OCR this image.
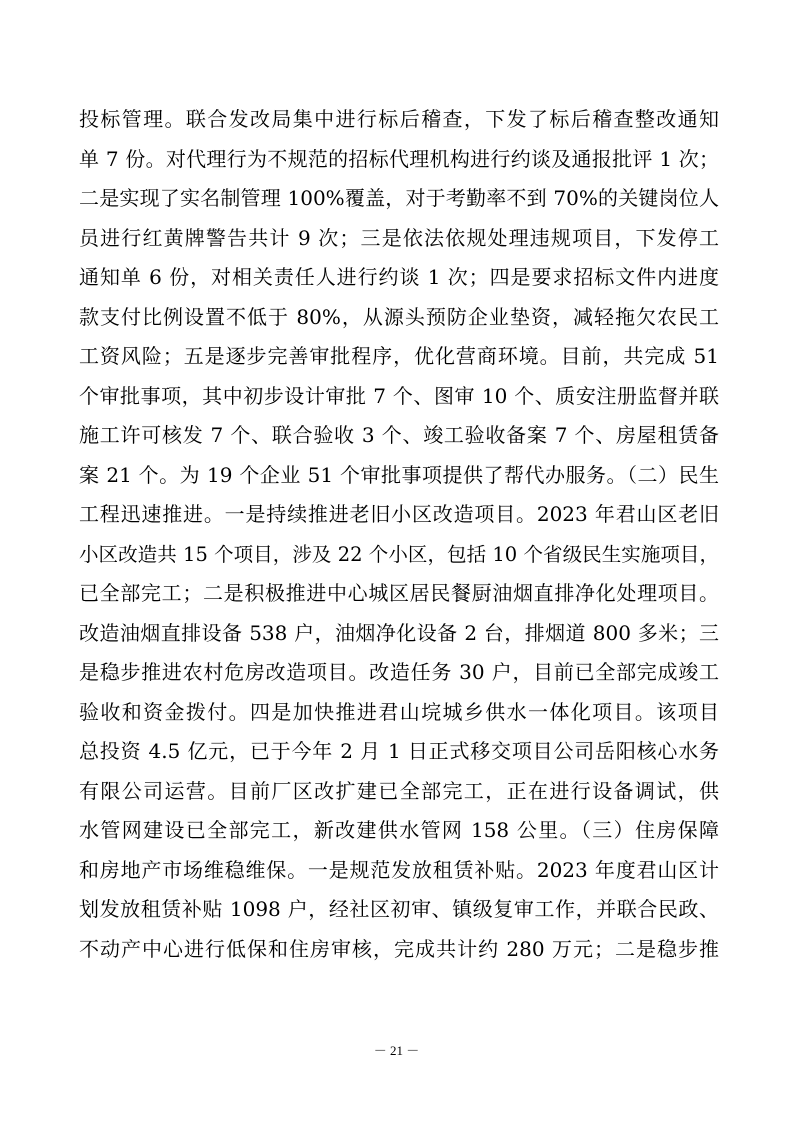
投标管理。联合发改局集中进行标后稽查，下发了标后稽查整改通知
单 7 份。对代理行为不规范的招标代理机构进行约谈及通报批评 1 次；
二是实现了实名制管理 100%覆盖，对于考勤率不到 70%的关键岗位人
员进行红黄牌警告共计 9 次；三是依法依规处理违规项目，下发停工
通知单 6 份，对相关责任人进行约谈 1 次；四是要求招标文件内进度
款支付比例设置不低于 80%，从源头预防企业垫资，减轻拖欠农民工
工资风险；五是逐步完善审批程序，优化营商环境。目前，共完成 51
个审批事项，其中初步设计审批 7 个、图审 10 个、质安注册监督并联
施工许可核发 7 个、联合验收 3 个、竣工验收备案 7 个、房屋租赁备
案 21 个。为 19 个企业 51 个审批事项提供了帮代办服务。（二）民生
工程迅速推进。一是持续推进老旧小区改造项目。2023 年君山区老旧
小区改造共 15 个项目，涉及 22 个小区，包括 10 个省级民生实施项目，
已全部完工；二是积极推进中心城区居民餐厨油烟直排净化处理项目。
改造油烟直排设备 538 户，油烟净化设备 2 台，排烟道 800 多米；三
是稳步推进农村危房改造项目。改造任务 30 户，目前已全部完成竣工
验收和资金拨付。四是加快推进君山垸城乡供水一体化项目。该项目
总投资 4.5 亿元，已于今年 2 月 1 日正式移交项目公司岳阳核心水务
有限公司运营。目前厂区改扩建已全部完工，正在进行设备调试，供
水管网建设已全部完工，新改建供水管网 158 公里。（三）住房保障
和房地产市场维稳维保。一是规范发放租赁补贴。2023 年度君山区计
划发放租赁补贴 1098 户，经社区初审、镇级复审工作，并联合民政、
不动产中心进行低保和住房审核，完成共计约 280 万元；二是稳步推
－ 21 －
